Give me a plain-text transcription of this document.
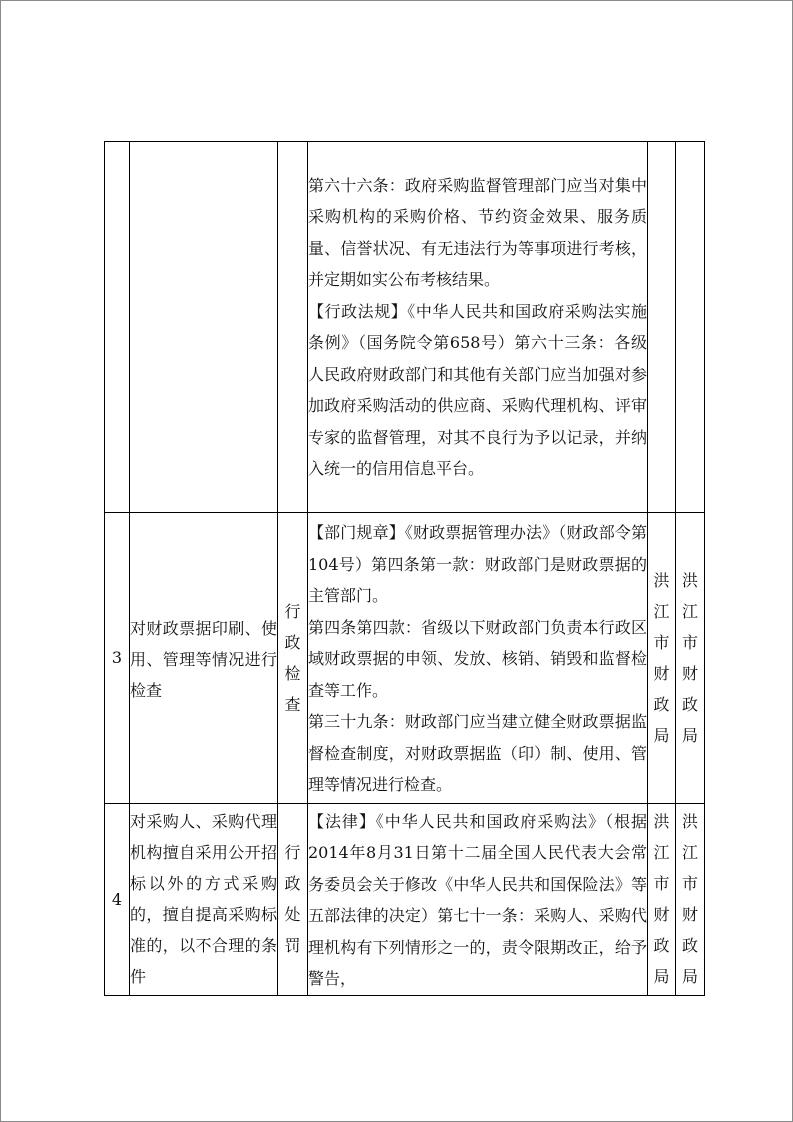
			第六十六条：政府采购监督管理部门应当对集中采购机构的采购价格、节约资金效果、服务质量、信誉状况、有无违法行为等事项进行考核，并定期如实公布考核结果。

【行政法规】《中华人民共和国政府采购法实施条例》（国务院令第658号）第六十三条：各级人民政府财政部门和其他有关部门应当加强对参加政府采购活动的供应商、采购代理机构、评审专家的监督管理，对其不良行为予以记录，并纳入统一的信用信息平台。		

3	对财政票据印刷、使用、管理等情况进行检查	行政检查	【部门规章】《财政票据管理办法》（财政部令第104号）第四条第一款：财政部门是财政票据的主管部门。

第四条第四款：省级以下财政部门负责本行政区域财政票据的申领、发放、核销、销毁和监督检查等工作。

第三十九条：财政部门应当建立健全财政票据监督检查制度，对财政票据监（印）制、使用、管理等情况进行检查。	洪江市财政局	洪江市财政局
4	对采购人、采购代理机构擅自采用公开招标以外的方式采购的，擅自提高采购标准的，以不合理的条件	行政处罚	【法律】《中华人民共和国政府采购法》（根据2014年8月31日第十二届全国人民代表大会常务委员会关于修改《中华人民共和国保险法》等五部法律的决定）第七十一条：采购人、采购代理机构有下列情形之一的，责令限期改正，给予警告，	洪江市财政局	洪江市财政局
